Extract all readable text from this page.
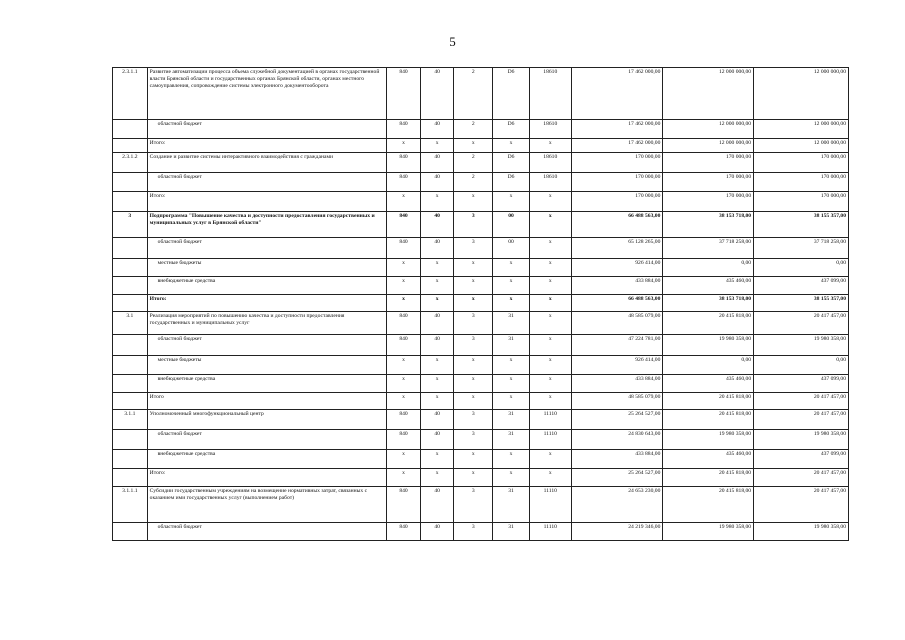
5
2.3.1.1	Развитие автоматизации процесса объема служебной документацией в органах государственной власти Брянской области и государственных органах Брянской области, органах местного самоуправления, сопровождение системы электронного документооборота	840	40	2	D6	18610	17 462 000,00	12 000 000,00	12 000 000,00
	областной бюджет	840	40	2	D6	18610	17 462 000,00	12 000 000,00	12 000 000,00
	Итого:	x	x	x	x	x	17 462 000,00	12 000 000,00	12 000 000,00
2.3.1.2	Создание и развитие системы интерактивного взаимодействия с гражданами	840	40	2	D6	18610	170 000,00	170 000,00	170 000,00
	областной бюджет	840	40	2	D6	18610	170 000,00	170 000,00	170 000,00
	Итого:	x	x	x	x	x	170 000,00	170 000,00	170 000,00
3	Подпрограмма "Повышение качества и доступности предоставления государственных и муниципальных услуг в Брянской области"	840	40	3	00	x	66 488 563,00	38 153 718,00	38 155 357,00
	областной бюджет	840	40	3	00	x	65 128 265,00	37 718 258,00	37 718 258,00
	местные бюджеты	x	x	x	x	x	926 414,00	0,00	0,00
	внебюджетные средства	x	x	x	x	x	433 884,00	435 460,00	437 099,00
	Итого:	x	x	x	x	x	66 488 563,00	38 153 718,00	38 155 357,00
3.1	Реализация мероприятий по повышению качества и доступности предоставления государственных и муниципальных услуг	840	40	3	31	x	48 585 079,00	20 415 818,00	20 417 457,00
	областной бюджет	840	40	3	31	x	47 224 781,00	19 980 358,00	19 980 358,00
	местные бюджеты	x	x	x	x	x	926 414,00	0,00	0,00
	внебюджетные средства	x	x	x	x	x	433 884,00	435 460,00	437 099,00
	Итого	x	x	x	x	x	48 585 079,00	20 415 818,00	20 417 457,00
3.1.1	Уполномоченный многофункциональный центр	840	40	3	31	11110	25 264 527,00	20 415 818,00	20 417 457,00
	областной бюджет	840	40	3	31	11110	24 830 643,00	19 980 358,00	19 980 358,00
	внебюджетные средства	x	x	x	x	x	433 884,00	435 460,00	437 099,00
	Итого:	x	x	x	x	x	25 264 527,00	20 415 818,00	20 417 457,00
3.1.1.1	Субсидии государственным учреждениям на возмещение нормативных затрат, связанных с оказанием ими государственных услуг (выполнением работ)	840	40	3	31	11110	24 653 230,00	20 415 818,00	20 417 457,00
	областной бюджет	840	40	3	31	11110	24 219 346,00	19 980 358,00	19 980 358,00
